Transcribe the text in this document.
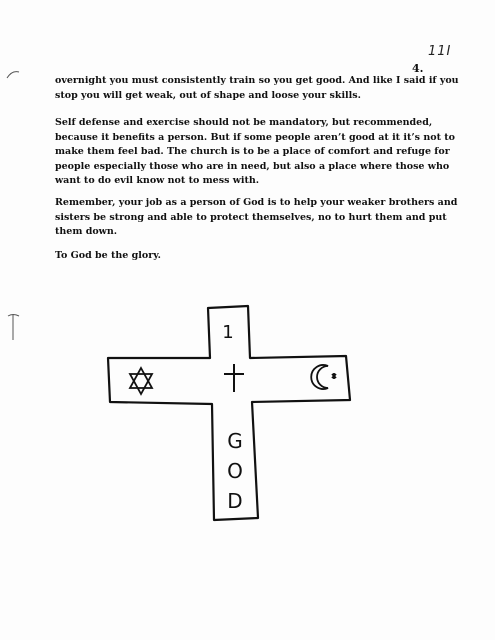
11I
4.

overnight you must consistently train so you get good. And like I said if you stop you will get weak, out of shape and loose your skills.

Self defense and exercise should not be mandatory, but recommended, because it benefits a person. But if some people aren’t good at it it’s not to make them feel bad. The church is to be a place of comfort and refuge for people especially those who are in need, but also a place where those who want to do evil know not to mess with.

Remember, your job as a person of God is to help your weaker brothers and sisters be strong and able to protect themselves, no to hurt them and put them down.

To God be the glory.

1
G
O
D
